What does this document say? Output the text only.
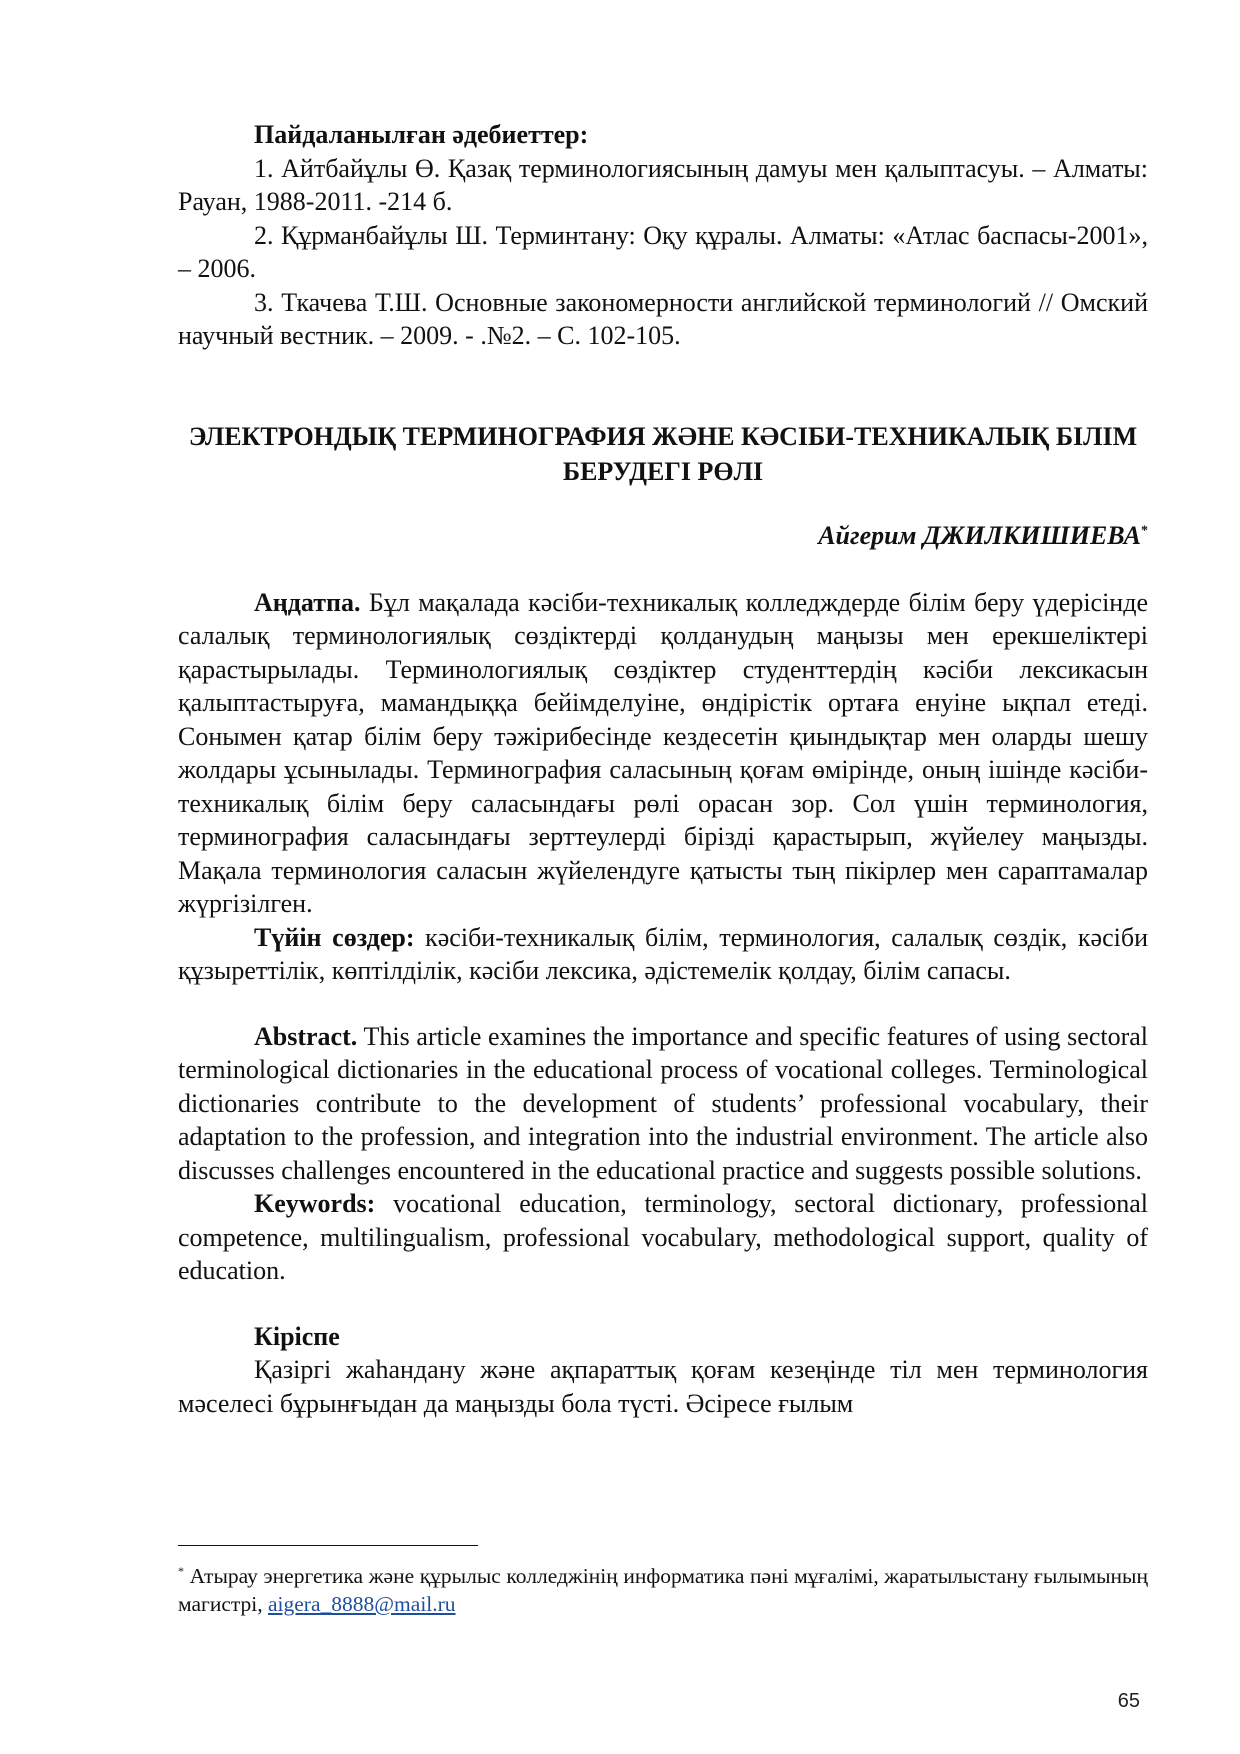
Пайдаланылған әдебиеттер:

1. Айтбайұлы Ө. Қазақ терминологиясының дамуы мен қалыптасуы. – Алматы: Рауан, 1988-2011. -214 б.

2. Құрманбайұлы Ш. Терминтану: Оқу құралы. Алматы: «Атлас баспасы-2001», – 2006.

3. Ткачева Т.Ш. Основные закономерности английской терминологий // Омский научный вестник. – 2009. - .№2. – С. 102-105.

ЭЛЕКТРОНДЫҚ ТЕРМИНОГРАФИЯ ЖӘНЕ КӘСІБИ-ТЕХНИКАЛЫҚ БІЛІМ БЕРУДЕГІ РӨЛІ
Айгерим ДЖИЛКИШИЕВА*

Аңдатпа. Бұл мақалада кәсіби-техникалық колледждерде білім беру үдерісінде салалық терминологиялық сөздіктерді қолданудың маңызы мен ерекшеліктері қарастырылады. Терминологиялық сөздіктер студенттердің кәсіби лексикасын қалыптастыруға, мамандыққа бейімделуіне, өндірістік ортаға енуіне ықпал етеді. Сонымен қатар білім беру тәжірибесінде кездесетін қиындықтар мен оларды шешу жолдары ұсынылады. Терминография саласының қоғам өмірінде, оның ішінде кәсіби-техникалық білім беру саласындағы рөлі орасан зор. Сол үшін терминология, терминография саласындағы зерттеулерді бірізді қарастырып, жүйелеу маңызды. Мақала терминология саласын жүйелендуге қатысты тың пікірлер мен сараптамалар жүргізілген.

Түйін сөздер: кәсіби-техникалық білім, терминология, салалық сөздік, кәсіби құзыреттілік, көптілділік, кәсіби лексика, әдістемелік қолдау, білім сапасы.

Abstract. This article examines the importance and specific features of using sectoral terminological dictionaries in the educational process of vocational colleges. Terminological dictionaries contribute to the development of students’ professional vocabulary, their adaptation to the profession, and integration into the industrial environment. The article also discusses challenges encountered in the educational practice and suggests possible solutions.

Keywords: vocational education, terminology, sectoral dictionary, professional competence, multilingualism, professional vocabulary, methodological support, quality of education.

Кіріспе

Қазіргі жаһандану және ақпараттық қоғам кезеңінде тіл мен терминология мәселесі бұрынғыдан да маңызды бола түсті. Әсіресе ғылым

* Атырау энергетика және құрылыс колледжінің информатика пәні мұғалімі, жаратылыстану ғылымының магистрі, aigera_8888@mail.ru
65
